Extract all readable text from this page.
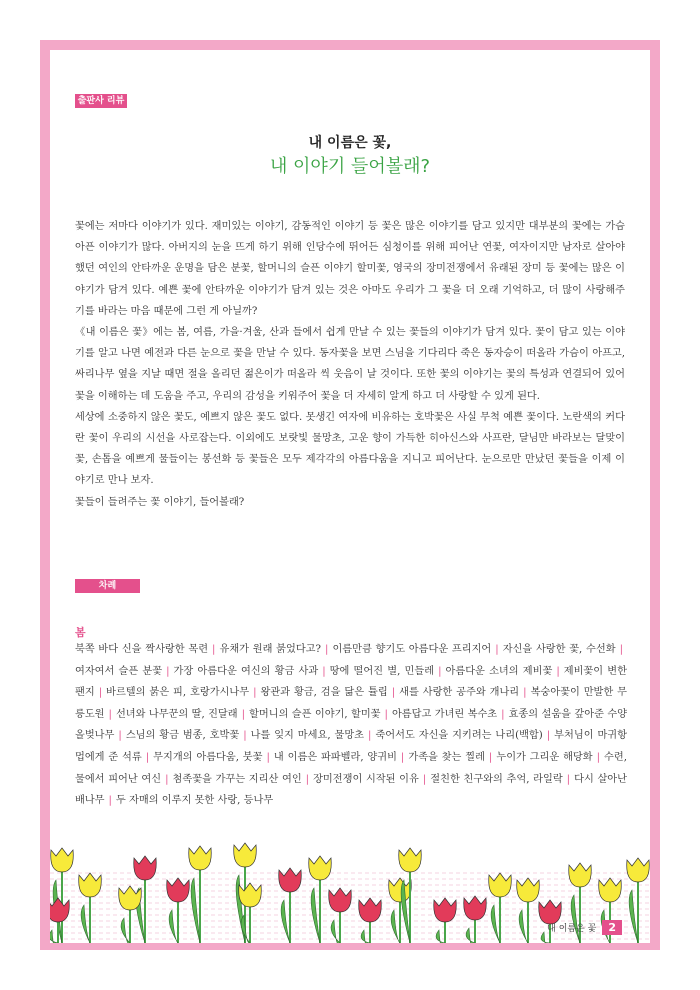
출판사 리뷰
내 이름은 꽃,
내 이야기 들어볼래?

꽃에는 저마다 이야기가 있다. 재미있는 이야기, 감동적인 이야기 등 꽃은 많은 이야기를 담고 있지만 대부분의 꽃에는 가슴 아픈 이야기가 많다. 아버지의 눈을 뜨게 하기 위해 인당수에 뛰어든 심청이를 위해 피어난 연꽃, 여자이지만 남자로 살아야 했던 여인의 안타까운 운명을 담은 분꽃, 할머니의 슬픈 이야기 할미꽃, 영국의 장미전쟁에서 유래된 장미 등 꽃에는 많은 이야기가 담겨 있다. 예쁜 꽃에 안타까운 이야기가 담겨 있는 것은 아마도 우리가 그 꽃을 더 오래 기억하고, 더 많이 사랑해주기를 바라는 마음 때문에 그런 게 아닐까?

《내 이름은 꽃》에는 봄, 여름, 가을·겨울, 산과 들에서 쉽게 만날 수 있는 꽃들의 이야기가 담겨 있다. 꽃이 담고 있는 이야기를 알고 나면 예전과 다른 눈으로 꽃을 만날 수 있다. 동자꽃을 보면 스님을 기다리다 죽은 동자승이 떠올라 가슴이 아프고, 싸리나무 옆을 지날 때면 절을 올리던 젊은이가 떠올라 씩 웃음이 날 것이다. 또한 꽃의 이야기는 꽃의 특성과 연결되어 있어 꽃을 이해하는 데 도움을 주고, 우리의 감성을 키워주어 꽃을 더 자세히 알게 하고 더 사랑할 수 있게 된다.

세상에 소중하지 않은 꽃도, 예쁘지 않은 꽃도 없다. 못생긴 여자에 비유하는 호박꽃은 사실 무척 예쁜 꽃이다. 노란색의 커다란 꽃이 우리의 시선을 사로잡는다. 이외에도 보랏빛 물망초, 고운 향이 가득한 히아신스와 사프란, 달님만 바라보는 달맞이꽃, 손톱을 예쁘게 물들이는 봉선화 등 꽃들은 모두 제각각의 아름다움을 지니고 피어난다. 눈으로만 만났던 꽃들을 이제 이야기로 만나 보자.

꽃들이 들려주는 꽃 이야기, 들어볼래?

차례
봄
북쪽 바다 신을 짝사랑한 목련 | 유채가 원래 붉었다고? | 이름만큼 향기도 아름다운 프리지어 | 자신을 사랑한 꽃, 수선화 |여자여서 슬픈 분꽃 | 가장 아름다운 여신의 황금 사과 | 땅에 떨어진 별, 민들레 | 아름다운 소녀의 제비꽃 | 제비꽃이 변한 팬지 | 바르텔의 붉은 피, 호랑가시나무 | 왕관과 황금, 검을 닮은 튤립 | 새를 사랑한 공주와 개나리 | 복숭아꽃이 만발한 무릉도원 | 선녀와 나무꾼의 딸, 진달래 | 할머니의 슬픈 이야기, 할미꽃 | 아름답고 가녀린 복수초 | 효종의 설움을 갚아준 수양올벚나무 | 스님의 황금 범종, 호박꽃 | 나를 잊지 마세요, 물망초 | 죽어서도 자신을 지키려는 나리(백합) | 부처님이 마귀항멉에게 준 석류 | 무지개의 아름다움, 붓꽃 | 내 이름은 파파벨라, 양귀비 | 가족을 찾는 찔레 | 누이가 그리운 해당화 | 수련, 물에서 피어난 여신 | 첨족꽃을 가꾸는 지리산 여인 | 장미전쟁이 시작된 이유 | 절친한 친구와의 추억, 라일락 | 다시 살아난 배나무 | 두 자매의 이루지 못한 사랑, 등나무
내 이름은 꽃	2
